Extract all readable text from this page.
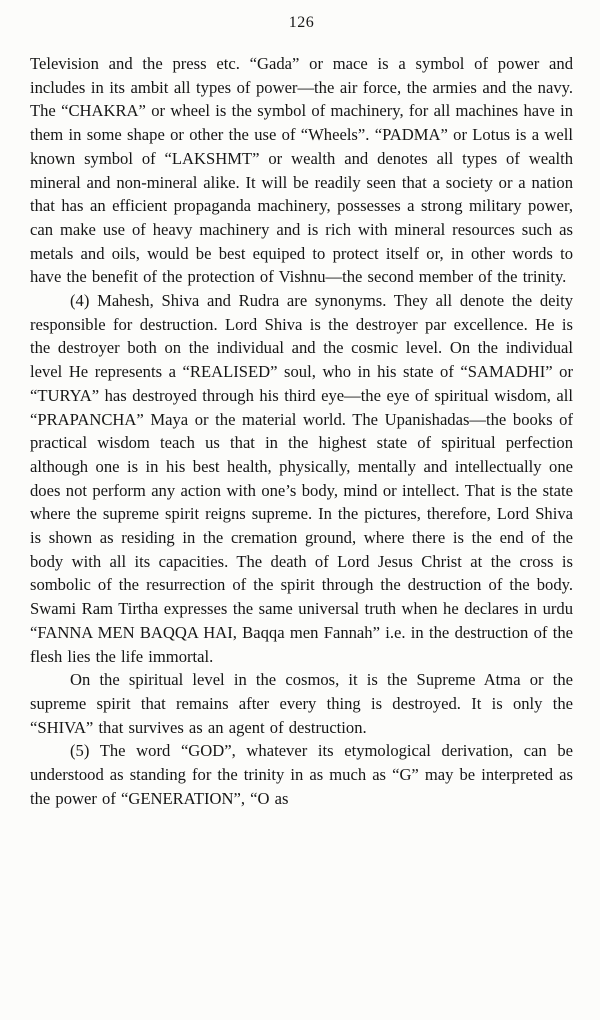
126

Television and the press etc. “Gada” or mace is a symbol of power and includes in its ambit all types of power—the air force, the armies and the navy. The “CHAKRA” or wheel is the symbol of machinery, for all machines have in them in some shape or other the use of “Wheels”. “PADMA” or Lotus is a well known symbol of “LAKSHMT” or wealth and denotes all types of wealth mineral and non-mineral alike. It will be readily seen that a society or a nation that has an efficient propaganda machinery, possesses a strong military power, can make use of heavy machinery and is rich with mineral resources such as metals and oils, would be best equiped to protect itself or, in other words to have the benefit of the protection of Vishnu—the second member of the trinity.

(4) Mahesh, Shiva and Rudra are synonyms. They all denote the deity responsible for destruction. Lord Shiva is the destroyer par excellence. He is the destroyer both on the individual and the cosmic level. On the individual level He represents a “REALISED” soul, who in his state of “SAMADHI” or “TURYA” has destroyed through his third eye—the eye of spiritual wisdom, all “PRAPANCHA” Maya or the material world. The Upanishadas—the books of practical wisdom teach us that in the highest state of spiritual perfection although one is in his best health, physically, mentally and intellectually one does not perform any action with one’s body, mind or intellect. That is the state where the supreme spirit reigns supreme. In the pictures, therefore, Lord Shiva is shown as residing in the cremation ground, where there is the end of the body with all its capacities. The death of Lord Jesus Christ at the cross is sombolic of the resurrection of the spirit through the destruction of the body. Swami Ram Tirtha expresses the same universal truth when he declares in urdu “FANNA MEN BAQQA HAI, Baqqa men Fannah” i.e. in the destruction of the flesh lies the life immortal.

On the spiritual level in the cosmos, it is the Supreme Atma or the supreme spirit that remains after every thing is destroyed. It is only the “SHIVA” that survives as an agent of destruction.

(5) The word “GOD”, whatever its etymological derivation, can be understood as standing for the trinity in as much as “G” may be interpreted as the power of “GENERATION”, “O as
